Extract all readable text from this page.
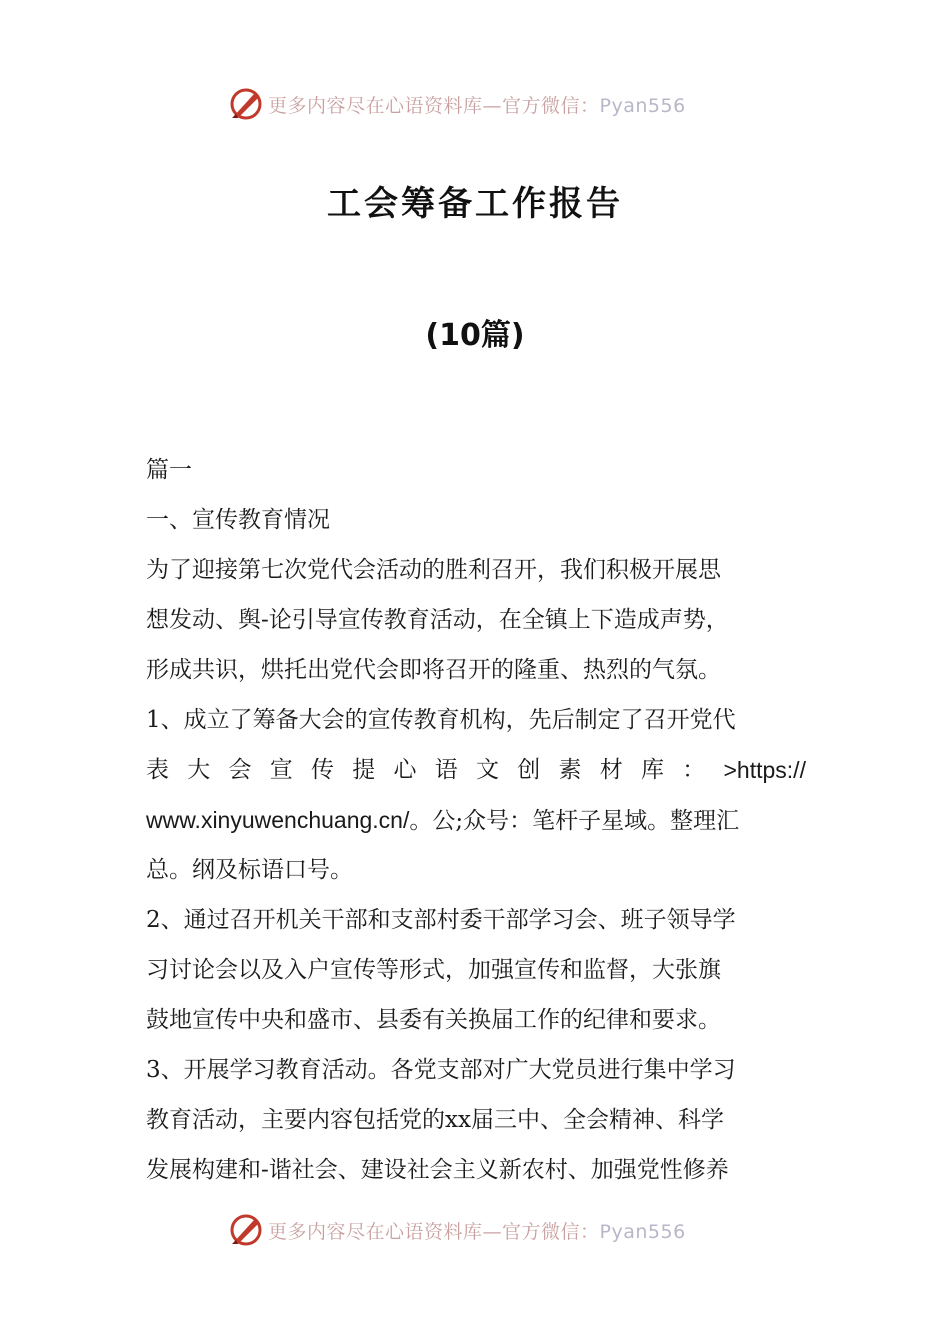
更多内容尽在心语资料库—官方微信：Pyan556
工会筹备工作报告
(10篇)
篇一
一、宣传教育情况
为了迎接第七次党代会活动的胜利召开，我们积极开展思
想发动、舆-论引导宣传教育活动，在全镇上下造成声势，
形成共识，烘托出党代会即将召开的隆重、热烈的气氛。
1、成立了筹备大会的宣传教育机构，先后制定了召开党代
表 大 会 宣 传 提 心 语 文 创 素 材 库 ： >https://
www.xinyuwenchuang.cn/。公;众号：笔杆子星域。整理汇
总。纲及标语口号。
2、通过召开机关干部和支部村委干部学习会、班子领导学
习讨论会以及入户宣传等形式，加强宣传和监督，大张旗
鼓地宣传中央和盛市、县委有关换届工作的纪律和要求。
3、开展学习教育活动。各党支部对广大党员进行集中学习
教育活动，主要内容包括党的xx届三中、全会精神、科学
发展构建和-谐社会、建设社会主义新农村、加强党性修养
更多内容尽在心语资料库—官方微信：Pyan556
